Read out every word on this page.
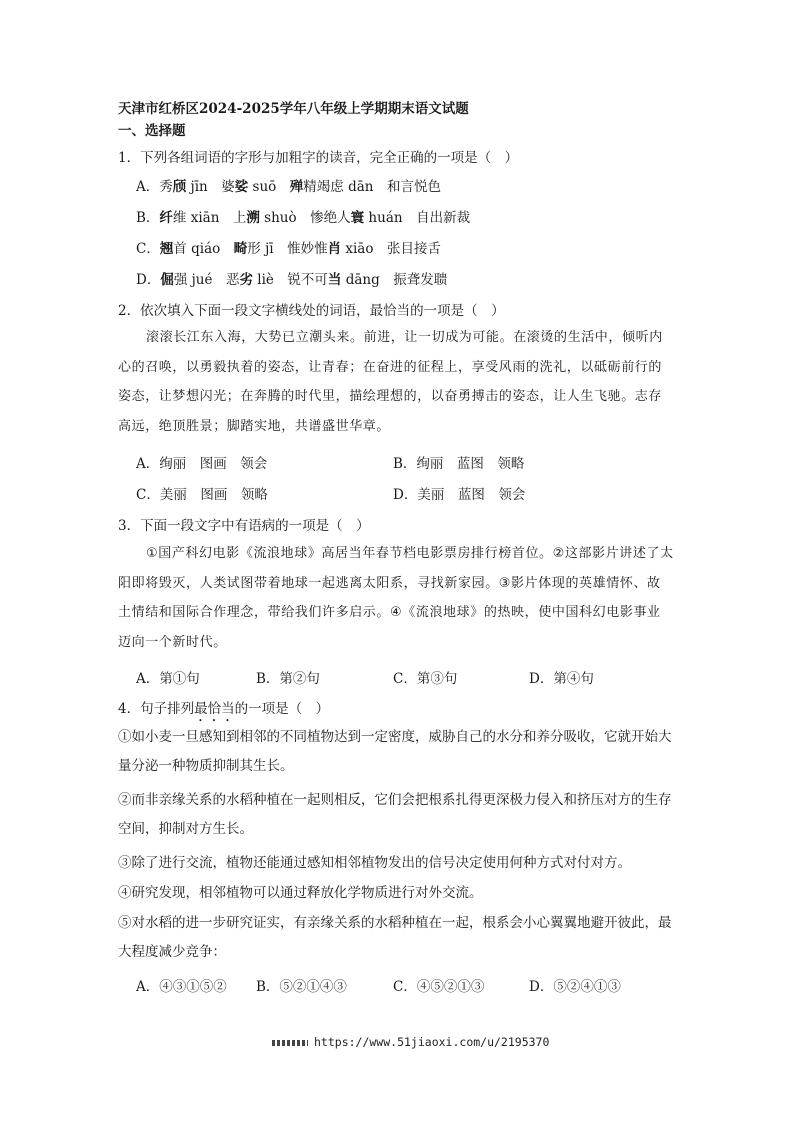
天津市红桥区2024-2025学年八年级上学期期末语文试题
一、选择题
1．下列各组词语的字形与加粗字的读音，完全正确的一项是（　）
A．秀颀 jīn　婆娑 suō　殚精竭虑 dān　和言悦色
B．纤维 xiān　上溯 shuò　惨绝人寰 huán　自出新裁
C．翘首 qiáo　畸形 jī　惟妙惟肖 xiāo　张目接舌
D．倔强 jué　恶劣 liè　锐不可当 dāng　振聋发聩
2．依次填入下面一段文字横线处的词语，最恰当的一项是（　）
滚滚长江东入海，大势已立潮头来。前进，让一切成为可能。在滚烫的生活中，倾听内心的召唤，以勇毅执着的姿态，让青春；在奋进的征程上，享受风雨的洗礼，以砥砺前行的姿态，让梦想闪光；在奔腾的时代里，描绘理想的，以奋勇搏击的姿态，让人生飞驰。志存高远，绝顶胜景；脚踏实地，共谱盛世华章。
A．绚丽　图画　领会	B．绚丽　蓝图　领略
C．美丽　图画　领略	D．美丽　蓝图　领会
3．下面一段文字中有语病的一项是（　）
①国产科幻电影《流浪地球》高居当年春节档电影票房排行榜首位。②这部影片讲述了太阳即将毁灭，人类试图带着地球一起逃离太阳系，寻找新家园。③影片体现的英雄情怀、故土情结和国际合作理念，带给我们许多启示。④《流浪地球》的热映，使中国科幻电影事业迈向一个新时代。
A．第①句	B．第②句	C．第③句	D．第④句
4．句子排列最恰当的一项是（　）
①如小麦一旦感知到相邻的不同植物达到一定密度，威胁自己的水分和养分吸收，它就开始大量分泌一种物质抑制其生长。
②而非亲缘关系的水稻种植在一起则相反，它们会把根系扎得更深极力侵入和挤压对方的生存空间，抑制对方生长。
③除了进行交流，植物还能通过感知相邻植物发出的信号决定使用何种方式对付对方。
④研究发现，相邻植物可以通过释放化学物质进行对外交流。
⑤对水稻的进一步研究证实，有亲缘关系的水稻种植在一起，根系会小心翼翼地避开彼此，最大程度减少竞争：
A．④③①⑤② B．⑤②①④③	C．④⑤②①③	D．⑤②④①③
https://www.51jiaoxi.com/u/2195370
